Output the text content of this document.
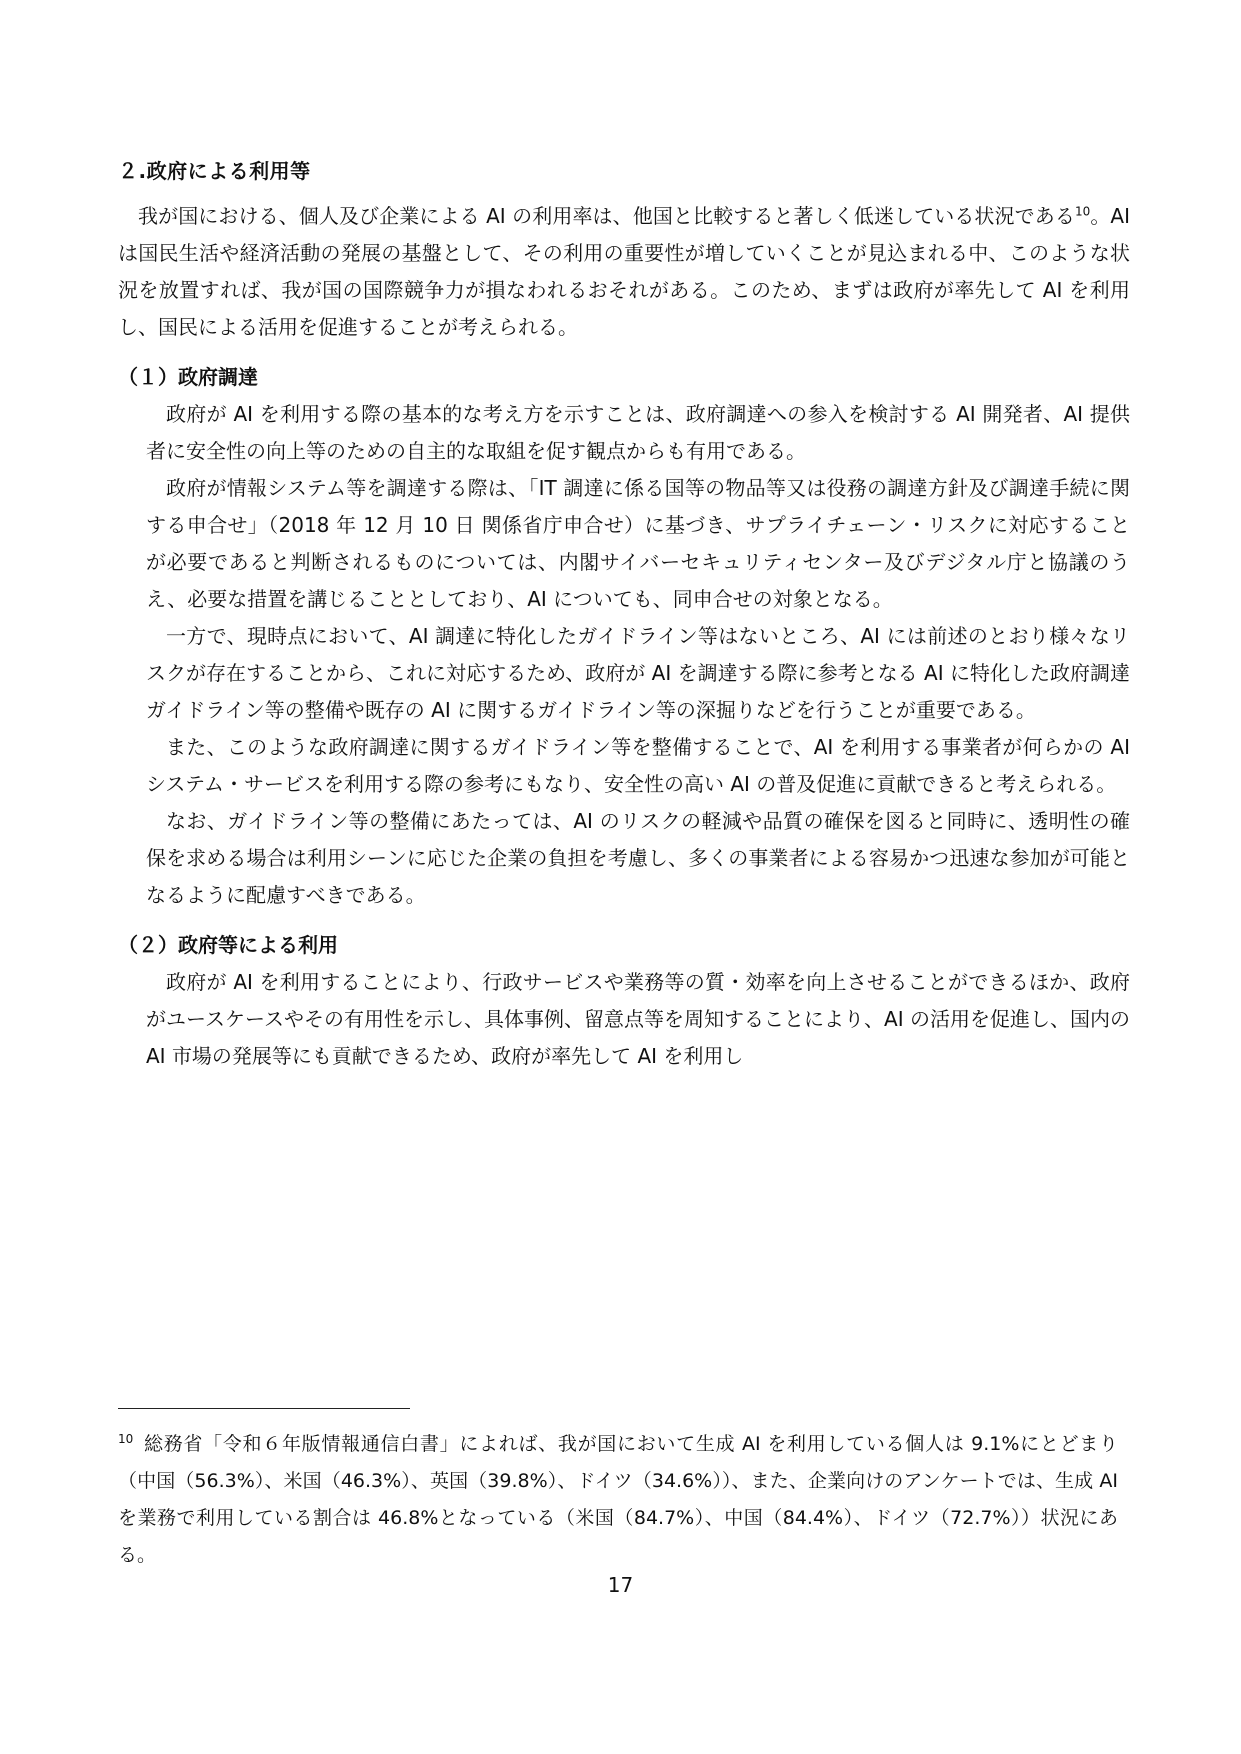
２.政府による利用等

我が国における、個人及び企業による AI の利用率は、他国と比較すると著しく低迷している状況である$^{10}$。AI は国民生活や経済活動の発展の基盤として、その利用の重要性が増していくことが見込まれる中、このような状況を放置すれば、我が国の国際競争力が損なわれるおそれがある。このため、まずは政府が率先して AI を利用し、国民による活用を促進することが考えられる。

（１）政府調達

政府が AI を利用する際の基本的な考え方を示すことは、政府調達への参入を検討する AI 開発者、AI 提供者に安全性の向上等のための自主的な取組を促す観点からも有用である。

政府が情報システム等を調達する際は、「IT 調達に係る国等の物品等又は役務の調達方針及び調達手続に関する申合せ」（2018 年 12 月 10 日 関係省庁申合せ）に基づき、サプライチェーン・リスクに対応することが必要であると判断されるものについては、内閣サイバーセキュリティセンター及びデジタル庁と協議のうえ、必要な措置を講じることとしており、AI についても、同申合せの対象となる。

一方で、現時点において、AI 調達に特化したガイドライン等はないところ、AI には前述のとおり様々なリスクが存在することから、これに対応するため、政府が AI を調達する際に参考となる AI に特化した政府調達ガイドライン等の整備や既存の AI に関するガイドライン等の深掘りなどを行うことが重要である。

また、このような政府調達に関するガイドライン等を整備することで、AI を利用する事業者が何らかの AI システム・サービスを利用する際の参考にもなり、安全性の高い AI の普及促進に貢献できると考えられる。

なお、ガイドライン等の整備にあたっては、AI のリスクの軽減や品質の確保を図ると同時に、透明性の確保を求める場合は利用シーンに応じた企業の負担を考慮し、多くの事業者による容易かつ迅速な参加が可能となるように配慮すべきである。

（２）政府等による利用

政府が AI を利用することにより、行政サービスや業務等の質・効率を向上させることができるほか、政府がユースケースやその有用性を示し、具体事例、留意点等を周知することにより、AI の活用を促進し、国内の AI 市場の発展等にも貢献できるため、政府が率先して AI を利用し

$^{10}$ 総務省「令和６年版情報通信白書」によれば、我が国において生成 AI を利用している個人は 9.1%にとどまり（中国（56.3%）、米国（46.3%）、英国（39.8%）、ドイツ（34.6%））、また、企業向けのアンケートでは、生成 AI を業務で利用している割合は 46.8%となっている（米国（84.7%）、中国（84.4%）、ドイツ（72.7%））状況にある。

17
